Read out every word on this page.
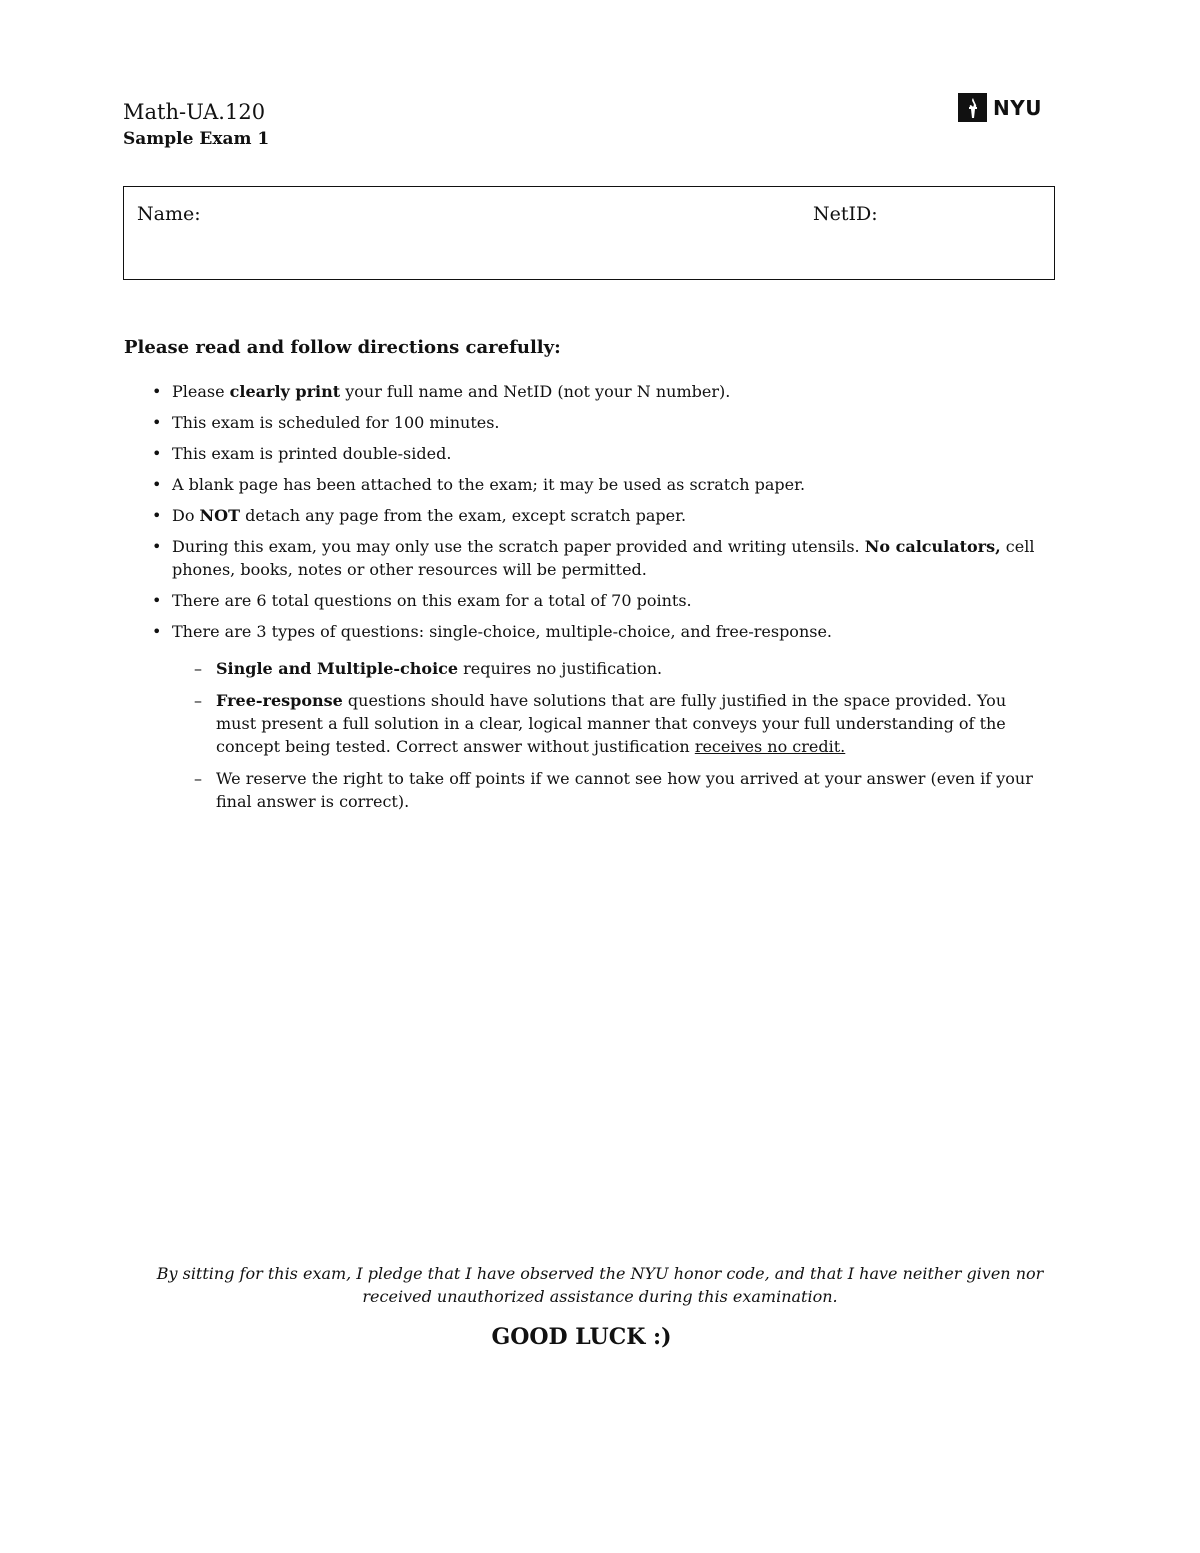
Math-UA.120
Sample Exam 1
NYU
Name:	NetID:
Please read and follow directions carefully:
• Please clearly print your full name and NetID (not your N number).
• This exam is scheduled for 100 minutes.
• This exam is printed double-sided.
• A blank page has been attached to the exam; it may be used as scratch paper.
• Do NOT detach any page from the exam, except scratch paper.
• During this exam, you may only use the scratch paper provided and writing utensils. No calculators, cell phones, books, notes or other resources will be permitted.
• There are 6 total questions on this exam for a total of 70 points.
• There are 3 types of questions: single-choice, multiple-choice, and free-response.
– Single and Multiple-choice requires no justification.
– Free-response questions should have solutions that are fully justified in the space provided. You must present a full solution in a clear, logical manner that conveys your full understanding of the concept being tested. Correct answer without justification receives no credit.
– We reserve the right to take off points if we cannot see how you arrived at your answer (even if your final answer is correct).
By sitting for this exam, I pledge that I have observed the NYU honor code, and that I have neither given nor received unauthorized assistance during this examination.
GOOD LUCK :)
